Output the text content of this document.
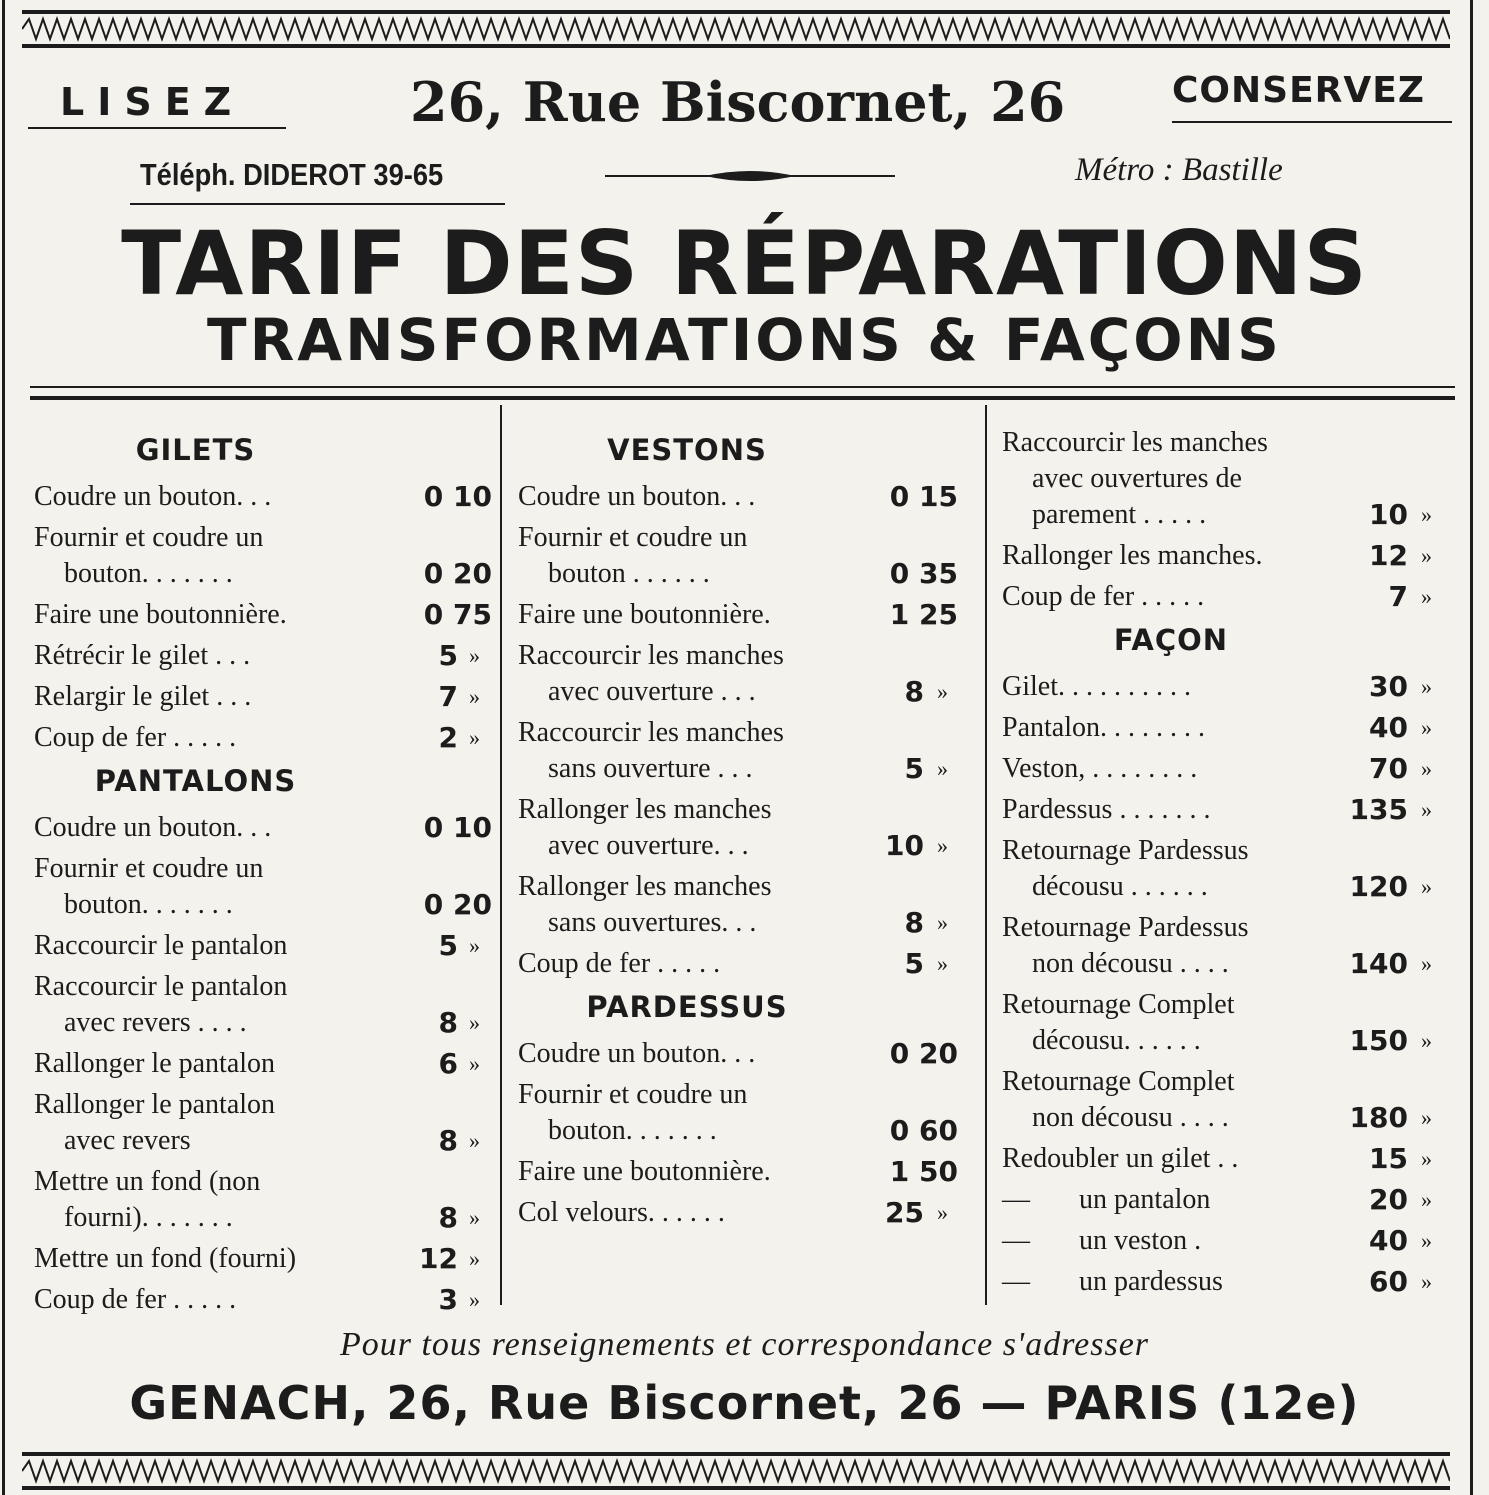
LISEZ	26, Rue Biscornet, 26	CONSERVEZ
Téléph. DIDEROT 39-65	Métro : Bastille
TARIF DES RÉPARATIONS
TRANSFORMATIONS & FAÇONS
GILETS
Coudre un bouton. . .	0 10
Fournir et coudre un
bouton. . . . . . .	0 20
Faire une boutonnière.	0 75
Rétrécir le gilet . . .	5 »
Relargir le gilet . . .	7 »
Coup de fer . . . . .	2 »
PANTALONS
Coudre un bouton. . .	0 10
Fournir et coudre un
bouton. . . . . . .	0 20
Raccourcir le pantalon	5 »
Raccourcir le pantalon
avec revers . . . .	8 »
Rallonger le pantalon	6 »
Rallonger le pantalon
avec revers	8 »
Mettre un fond (non
fourni). . . . . . .	8 »
Mettre un fond (fourni)	12 »
Coup de fer . . . . .	3 »
VESTONS
Coudre un bouton. . .	0 15
Fournir et coudre un
bouton . . . . . .	0 35
Faire une boutonnière.	1 25
Raccourcir les manches
avec ouverture . . .	8 »
Raccourcir les manches
sans ouverture . . .	5 »
Rallonger les manches
avec ouverture. . .	10 »
Rallonger les manches
sans ouvertures. . .	8 »
Coup de fer . . . . .	5 »
PARDESSUS
Coudre un bouton. . .	0 20
Fournir et coudre un
bouton. . . . . . .	0 60
Faire une boutonnière.	1 50
Col velours. . . . . .	25 »
Raccourcir les manches
avec ouvertures de
parement . . . . .	10 »
Rallonger les manches.	12 »
Coup de fer . . . . .	7 »
FAÇON
Gilet. . . . . . . . . .	30 »
Pantalon. . . . . . . .	40 »
Veston, . . . . . . . .	70 »
Pardessus . . . . . . .	135 »
Retournage Pardessus
décousu . . . . . .	120 »
Retournage Pardessus
non décousu . . . .	140 »
Retournage Complet
décousu. . . . . .	150 »
Retournage Complet
non décousu . . . .	180 »
Redoubler un gilet . .	15 »
—       un pantalon	20 »
—       un veston .	40 »
—       un pardessus	60 »
Pour tous renseignements et correspondance s'adresser
GENACH, 26, Rue Biscornet, 26 — PARIS (12e)
